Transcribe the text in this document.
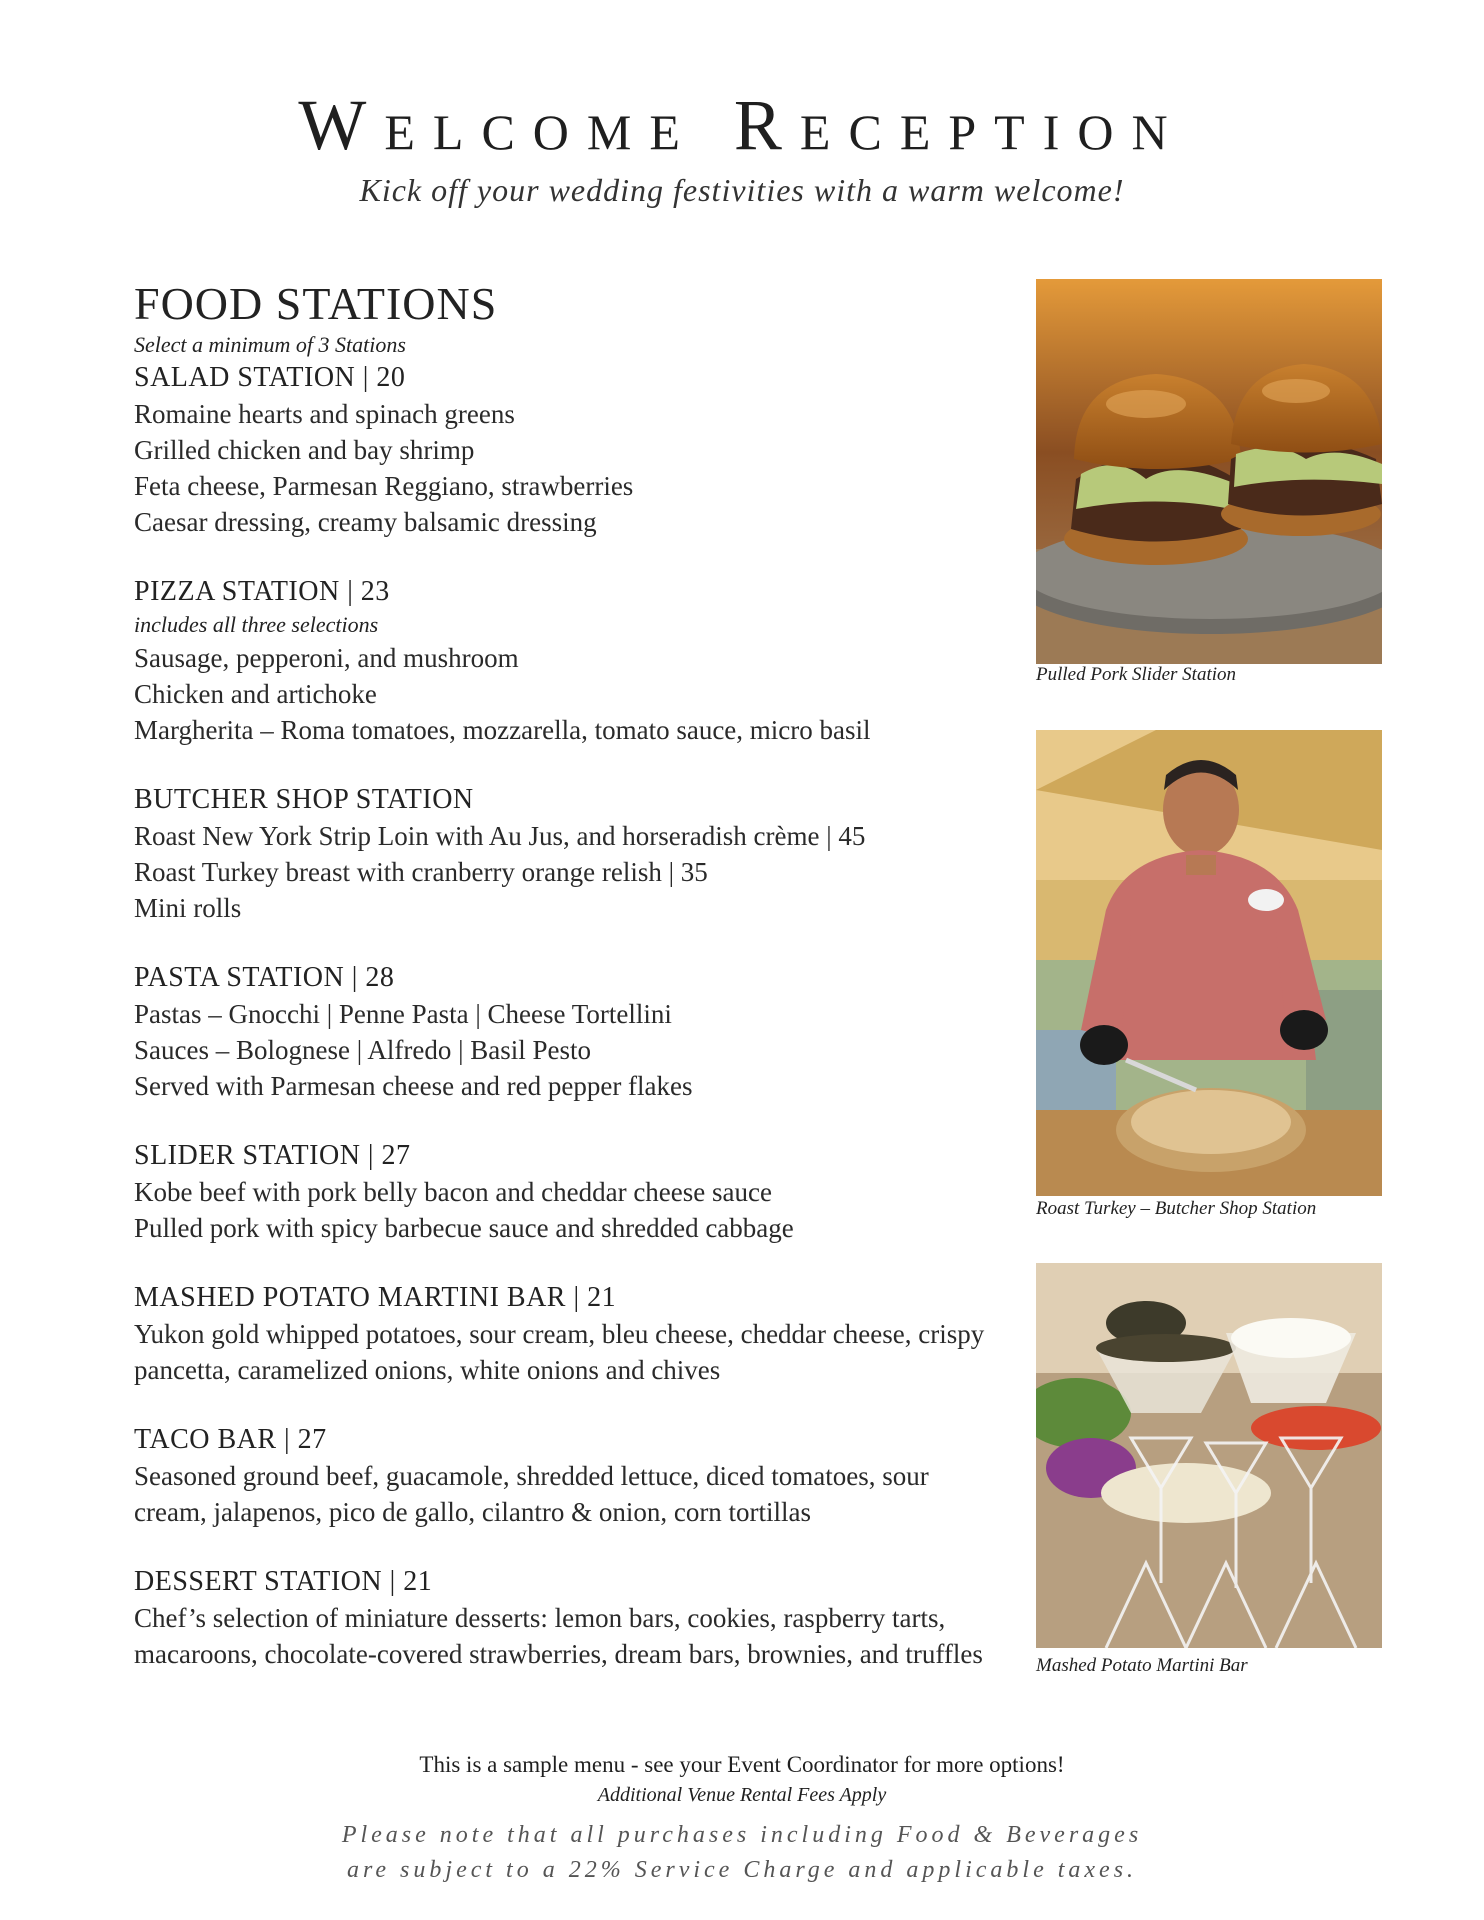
Welcome Reception
Kick off your wedding festivities with a warm welcome!
FOOD STATIONS
Select a minimum of 3 Stations
SALAD STATION | 20
Romaine hearts and spinach greens
Grilled chicken and bay shrimp
Feta cheese, Parmesan Reggiano, strawberries
Caesar dressing, creamy balsamic dressing
PIZZA STATION | 23
includes all three selections
Sausage, pepperoni, and mushroom
Chicken and artichoke
Margherita – Roma tomatoes, mozzarella, tomato sauce, micro basil
BUTCHER SHOP STATION
Roast New York Strip Loin with Au Jus, and horseradish crème | 45
Roast Turkey breast with cranberry orange relish | 35
Mini rolls
PASTA STATION | 28
Pastas – Gnocchi | Penne Pasta | Cheese Tortellini
Sauces – Bolognese | Alfredo | Basil Pesto
Served with Parmesan cheese and red pepper flakes
SLIDER STATION | 27
Kobe beef with pork belly bacon and cheddar cheese sauce
Pulled pork with spicy barbecue sauce and shredded cabbage
MASHED POTATO MARTINI BAR | 21
Yukon gold whipped potatoes, sour cream, bleu cheese, cheddar cheese, crispy pancetta, caramelized onions, white onions and chives
TACO BAR | 27
Seasoned ground beef, guacamole, shredded lettuce, diced tomatoes, sour cream, jalapenos, pico de gallo, cilantro & onion, corn tortillas
DESSERT STATION | 21
Chef’s selection of miniature desserts: lemon bars, cookies, raspberry tarts, macaroons, chocolate-covered strawberries, dream bars, brownies, and truffles
Pulled Pork Slider Station
Roast Turkey – Butcher Shop Station
Mashed Potato Martini Bar
This is a sample menu - see your Event Coordinator for more options!
Additional Venue Rental Fees Apply
Please note that all purchases including Food & Beverages
are subject to a 22% Service Charge and applicable taxes.
